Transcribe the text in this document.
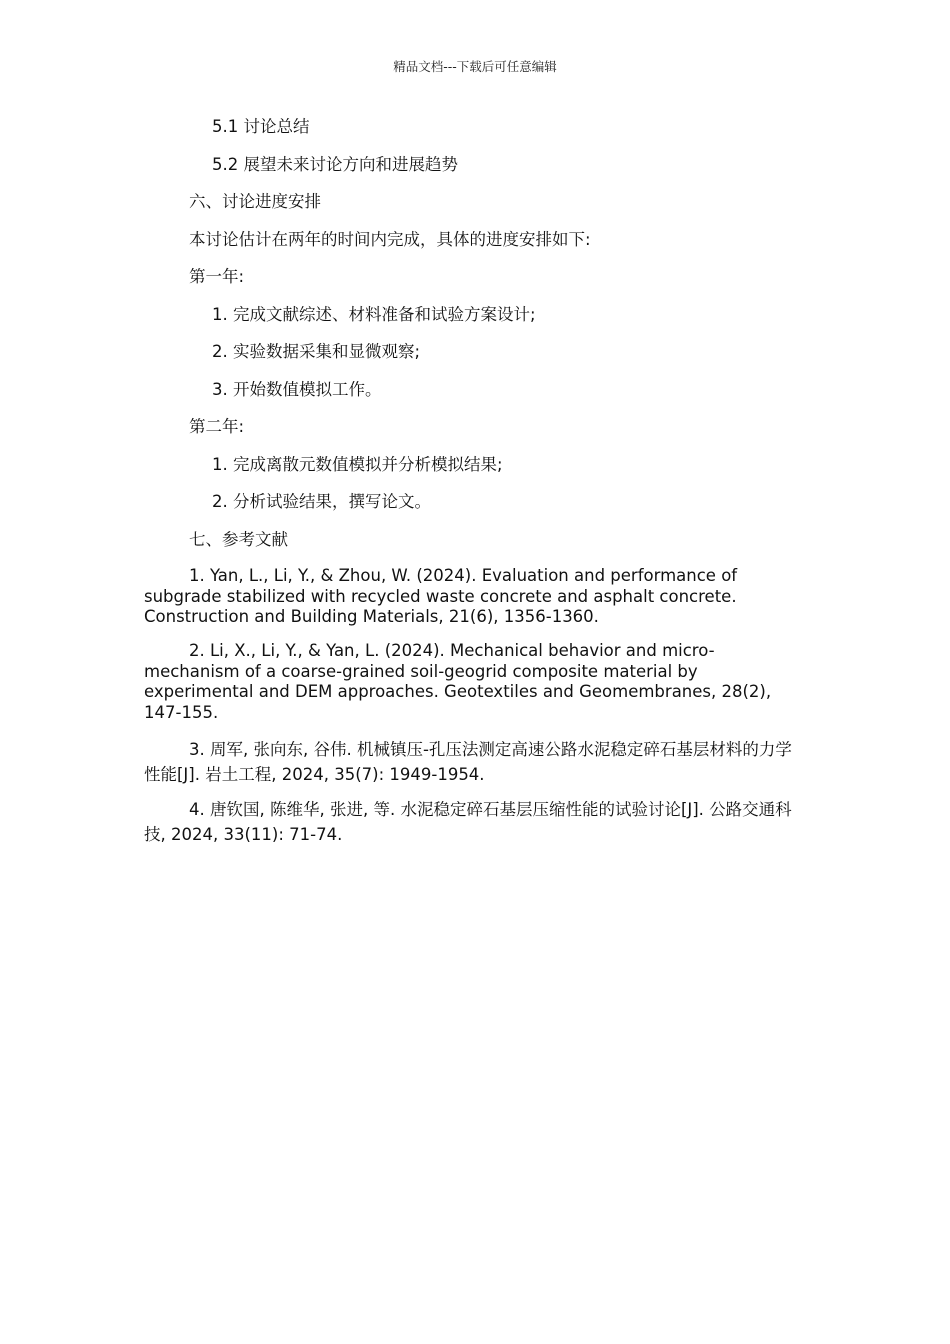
精品文档---下载后可任意编辑
5.1 讨论总结
5.2 展望未来讨论方向和进展趋势
六、讨论进度安排
本讨论估计在两年的时间内完成，具体的进度安排如下:
第一年:
1. 完成文献综述、材料准备和试验方案设计;
2. 实验数据采集和显微观察;
3. 开始数值模拟工作。
第二年:
1. 完成离散元数值模拟并分析模拟结果;
2. 分析试验结果，撰写论文。
七、参考文献
1. Yan, L., Li, Y., & Zhou, W. (2024). Evaluation and performance of subgrade stabilized with recycled waste concrete and asphalt concrete. Construction and Building Materials, 21(6), 1356-1360.
2. Li, X., Li, Y., & Yan, L. (2024). Mechanical behavior and micro-mechanism of a coarse-grained soil-geogrid composite material by experimental and DEM approaches. Geotextiles and Geomembranes, 28(2), 147-155.
3. 周军, 张向东, 谷伟. 机械镇压-孔压法测定高速公路水泥稳定碎石基层材料的力学性能[J]. 岩土工程, 2024, 35(7): 1949-1954.
4. 唐钦国, 陈维华, 张进, 等. 水泥稳定碎石基层压缩性能的试验讨论[J]. 公路交通科技, 2024, 33(11): 71-74.
